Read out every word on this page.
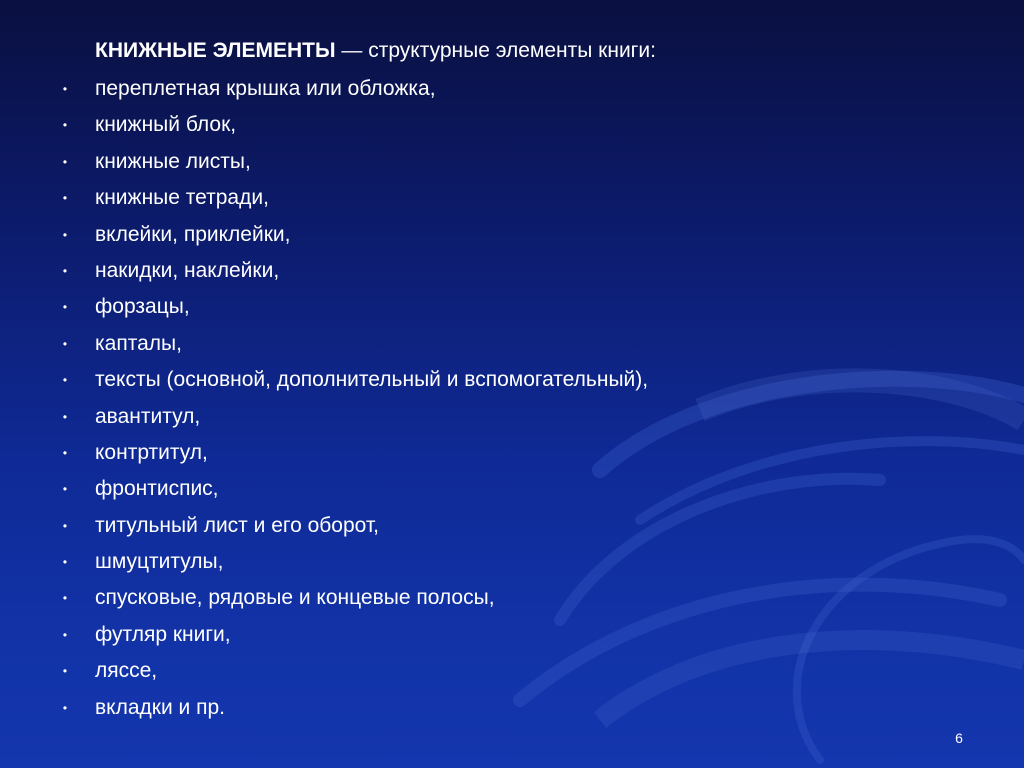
КНИЖНЫЕ ЭЛЕМЕНТЫ — структурные элементы книги:
• переплетная крышка или обложка,
• книжный блок,
• книжные листы,
• книжные тетради,
• вклейки, приклейки,
• накидки, наклейки,
• форзацы,
• капталы,
• тексты (основной, дополнительный и вспомогательный),
• авантитул,
• контртитул,
• фронтиспис,
• титульный лист и его оборот,
• шмуцтитулы,
• спусковые, рядовые и концевые полосы,
• футляр книги,
• ляссе,
• вкладки и пр.
6
